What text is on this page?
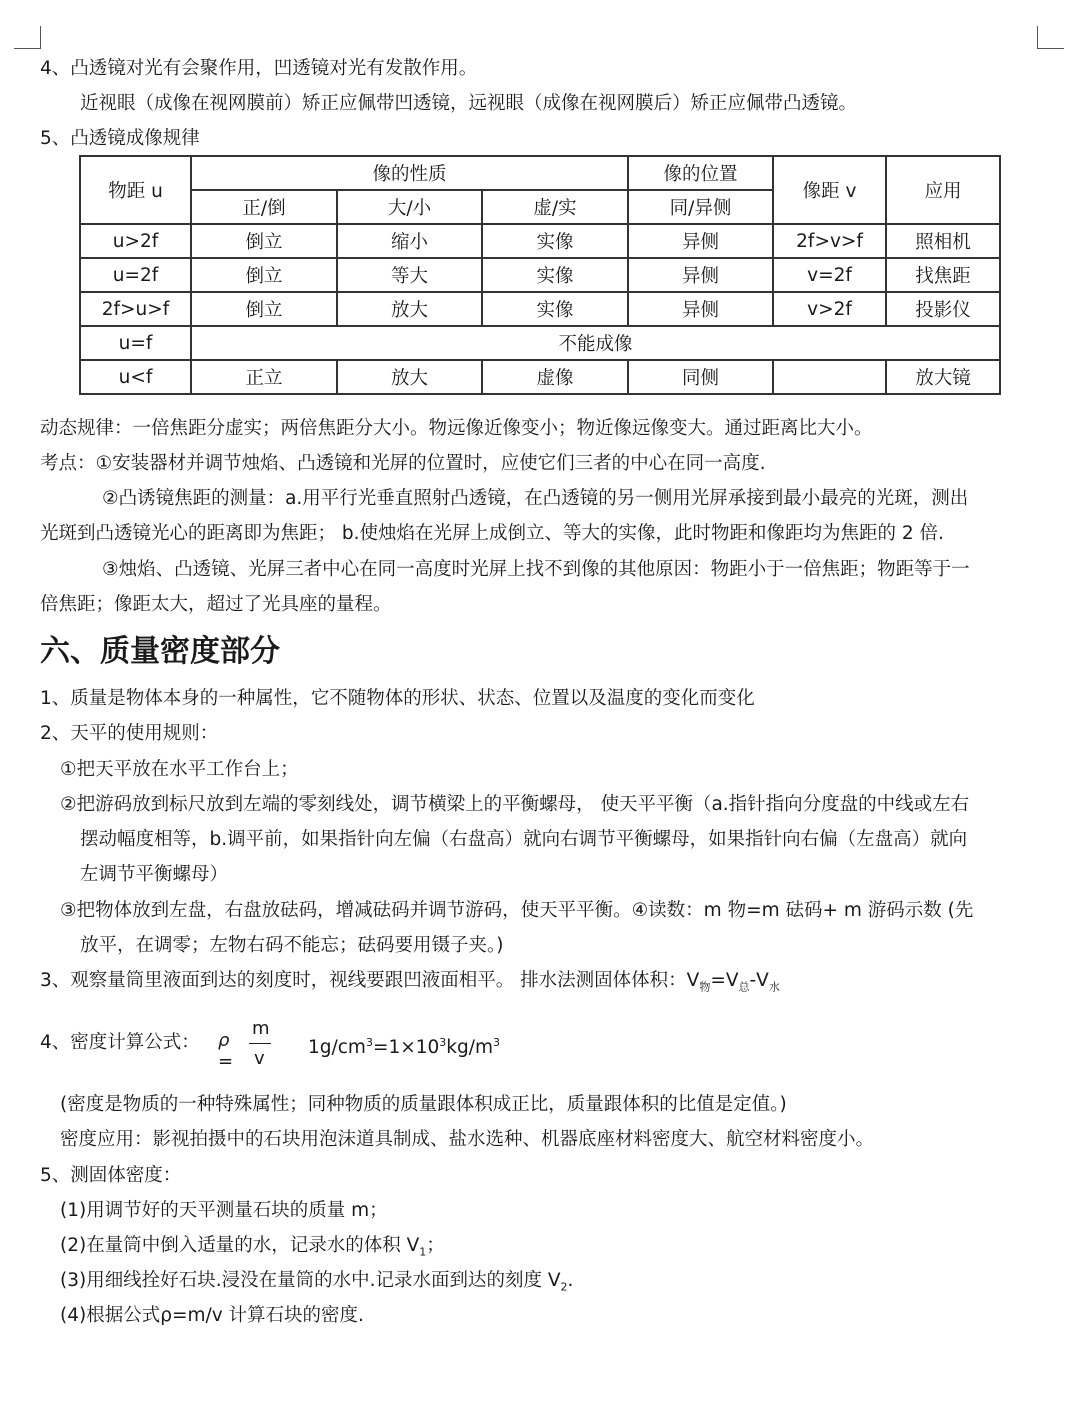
4、凸透镜对光有会聚作用，凹透镜对光有发散作用。
近视眼（成像在视网膜前）矫正应佩带凹透镜，远视眼（成像在视网膜后）矫正应佩带凸透镜。
5、凸透镜成像规律
物距 u	像的性质			像的位置	像距 v	应用
	正/倒	大/小	虚/实	同/异侧		
u>2f	倒立	缩小	实像	异侧	2f>v>f	照相机
u=2f	倒立	等大	实像	异侧	v=2f	找焦距
2f>u>f	倒立	放大	实像	异侧	v>2f	投影仪
u=f	不能成像					
u<f	正立	放大	虚像	同侧		放大镜
动态规律：一倍焦距分虚实；两倍焦距分大小。物远像近像变小；物近像远像变大。通过距离比大小。
考点：①安装器材并调节烛焰、凸透镜和光屏的位置时，应使它们三者的中心在同一高度.
②凸诱镜焦距的测量：a.用平行光垂直照射凸透镜，在凸透镜的另一侧用光屏承接到最小最亮的光斑，测出
光斑到凸透镜光心的距离即为焦距； b.使烛焰在光屏上成倒立、等大的实像，此时物距和像距均为焦距的 2 倍.
③烛焰、凸透镜、光屏三者中心在同一高度时光屏上找不到像的其他原因：物距小于一倍焦距；物距等于一
倍焦距；像距太大，超过了光具座的量程。
六、质量密度部分
1、质量是物体本身的一种属性，它不随物体的形状、状态、位置以及温度的变化而变化
2、天平的使用规则：
①把天平放在水平工作台上；
②把游码放到标尺放到左端的零刻线处，调节横梁上的平衡螺母， 使天平平衡（a.指针指向分度盘的中线或左右
摆动幅度相等，b.调平前，如果指针向左偏（右盘高）就向右调节平衡螺母，如果指针向右偏（左盘高）就向
左调节平衡螺母）
③把物体放到左盘，右盘放砝码，增减砝码并调节游码，使天平平衡。④读数：m 物=m 砝码+ m 游码示数 (先
放平，在调零；左物右码不能忘；砝码要用镊子夹。)
3、观察量筒里液面到达的刻度时，视线要跟凹液面相平。 排水法测固体体积：$V_物=V_总-V_水$
4、密度计算公式： ρ =
m
v
$1g/cm^3=1\times 10^3kg/m^3$
(密度是物质的一种特殊属性；同种物质的质量跟体积成正比，质量跟体积的比值是定值。)
密度应用：影视拍摄中的石块用泡沫道具制成、盐水选种、机器底座材料密度大、航空材料密度小。
5、测固体密度：
(1)用调节好的天平测量石块的质量 m；
(2)在量筒中倒入适量的水，记录水的体积 $V_1$；
(3)用细线拴好石块.浸没在量筒的水中.记录水面到达的刻度 $V_2$.
(4)根据公式ρ=m/v 计算石块的密度.
